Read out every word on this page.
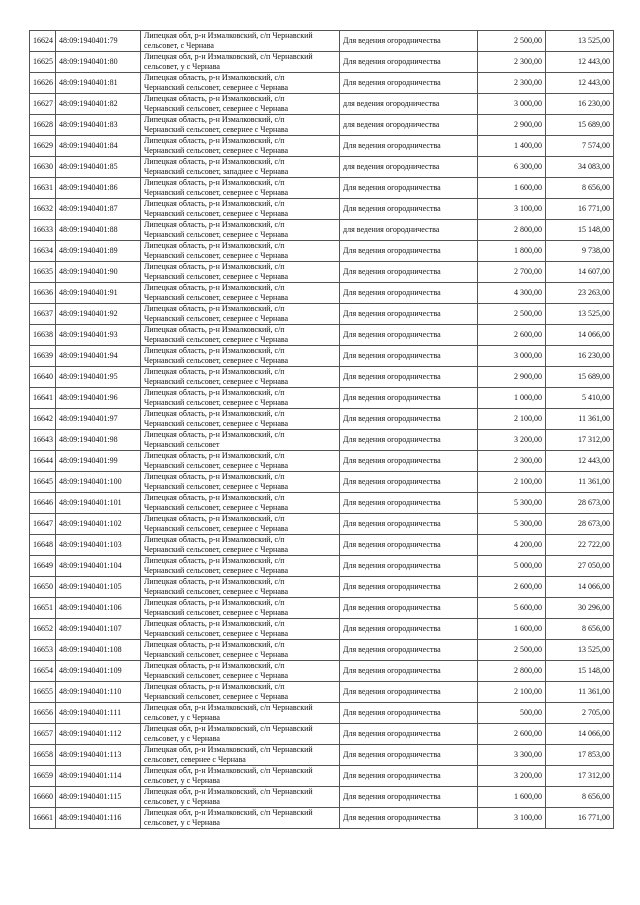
16624	48:09:1940401:79	Липецкая обл, р-н Измалковский, с/п Чернавский
сельсовет, с Чернава	Для ведения огородничества	2 500,00	13 525,00
16625	48:09:1940401:80	Липецкая обл, р-н Измалковский, с/п Чернавский
сельсовет, у с Чернава	Для ведения огородничества	2 300,00	12 443,00
16626	48:09:1940401:81	Липецкая область, р-н Измалковский, с/п
Чернавский сельсовет, севернее с Чернава	Для ведения огородничества	2 300,00	12 443,00
16627	48:09:1940401:82	Липецкая область, р-н Измалковский, с/п
Чернавский сельсовет, севернее с Чернава	для ведения огородничества	3 000,00	16 230,00
16628	48:09:1940401:83	Липецкая область, р-н Измалковский, с/п
Чернавский сельсовет, севернее с Чернава	для ведения огородничества	2 900,00	15 689,00
16629	48:09:1940401:84	Липецкая область, р-н Измалковский, с/п
Чернавский сельсовет, севернее с Чернава	Для ведения огородничества	1 400,00	7 574,00
16630	48:09:1940401:85	Липецкая область, р-н Измалковский, с/п
Чернавский сельсовет, западнее с Чернава	для ведения огородничества	6 300,00	34 083,00
16631	48:09:1940401:86	Липецкая область, р-н Измалковский, с/п
Чернавский сельсовет, севернее с Чернава	Для ведения огородничества	1 600,00	8 656,00
16632	48:09:1940401:87	Липецкая область, р-н Измалковский, с/п
Чернавский сельсовет, севернее с Чернава	Для ведения огородничества	3 100,00	16 771,00
16633	48:09:1940401:88	Липецкая область, р-н Измалковский, с/п
Чернавский сельсовет, севернее с Чернава	для ведения огородничества	2 800,00	15 148,00
16634	48:09:1940401:89	Липецкая область, р-н Измалковский, с/п
Чернавский сельсовет, севернее с Чернава	Для ведения огородничества	1 800,00	9 738,00
16635	48:09:1940401:90	Липецкая область, р-н Измалковский, с/п
Чернавский сельсовет, севернее с Чернава	Для ведения огородничества	2 700,00	14 607,00
16636	48:09:1940401:91	Липецкая область, р-н Измалковский, с/п
Чернавский сельсовет, севернее с Чернава	Для ведения огородничества	4 300,00	23 263,00
16637	48:09:1940401:92	Липецкая область, р-н Измалковский, с/п
Чернавский сельсовет, севернее с Чернава	Для ведения огородничества	2 500,00	13 525,00
16638	48:09:1940401:93	Липецкая область, р-н Измалковский, с/п
Чернавский сельсовет, севернее с Чернава	Для ведения огородничества	2 600,00	14 066,00
16639	48:09:1940401:94	Липецкая область, р-н Измалковский, с/п
Чернавский сельсовет, севернее с Чернава	Для ведения огородничества	3 000,00	16 230,00
16640	48:09:1940401:95	Липецкая область, р-н Измалковский, с/п
Чернавский сельсовет, севернее с Чернава	Для ведения огородничества	2 900,00	15 689,00
16641	48:09:1940401:96	Липецкая область, р-н Измалковский, с/п
Чернавский сельсовет, севернее с Чернава	Для ведения огородничества	1 000,00	5 410,00
16642	48:09:1940401:97	Липецкая область, р-н Измалковский, с/п
Чернавский сельсовет, севернее с Чернава	Для ведения огородничества	2 100,00	11 361,00
16643	48:09:1940401:98	Липецкая область, р-н Измалковский, с/п
Чернавский сельсовет	Для ведения огородничества	3 200,00	17 312,00
16644	48:09:1940401:99	Липецкая область, р-н Измалковский, с/п
Чернавский сельсовет, севернее с Чернава	Для ведения огородничества	2 300,00	12 443,00
16645	48:09:1940401:100	Липецкая область, р-н Измалковский, с/п
Чернавский сельсовет, севернее с Чернава	Для ведения огородничества	2 100,00	11 361,00
16646	48:09:1940401:101	Липецкая область, р-н Измалковский, с/п
Чернавский сельсовет, севернее с Чернава	Для ведения огородничества	5 300,00	28 673,00
16647	48:09:1940401:102	Липецкая область, р-н Измалковский, с/п
Чернавский сельсовет, севернее с Чернава	Для ведения огородничества	5 300,00	28 673,00
16648	48:09:1940401:103	Липецкая область, р-н Измалковский, с/п
Чернавский сельсовет, севернее с Чернава	Для ведения огородничества	4 200,00	22 722,00
16649	48:09:1940401:104	Липецкая область, р-н Измалковский, с/п
Чернавский сельсовет, севернее с Чернава	Для ведения огородничества	5 000,00	27 050,00
16650	48:09:1940401:105	Липецкая область, р-н Измалковский, с/п
Чернавский сельсовет, севернее с Чернава	Для ведения огородничества	2 600,00	14 066,00
16651	48:09:1940401:106	Липецкая область, р-н Измалковский, с/п
Чернавский сельсовет, севернее с Чернава	Для ведения огородничества	5 600,00	30 296,00
16652	48:09:1940401:107	Липецкая область, р-н Измалковский, с/п
Чернавский сельсовет, севернее с Чернава	Для ведения огородничества	1 600,00	8 656,00
16653	48:09:1940401:108	Липецкая область, р-н Измалковский, с/п
Чернавский сельсовет, севернее с Чернава	Для ведения огородничества	2 500,00	13 525,00
16654	48:09:1940401:109	Липецкая область, р-н Измалковский, с/п
Чернавский сельсовет, севернее с Чернава	Для ведения огородничества	2 800,00	15 148,00
16655	48:09:1940401:110	Липецкая область, р-н Измалковский, с/п
Чернавский сельсовет, севернее с Чернава	Для ведения огородничества	2 100,00	11 361,00
16656	48:09:1940401:111	Липецкая обл, р-н Измалковский, с/п Чернавский
сельсовет, у с Чернава	Для ведения огородничества	500,00	2 705,00
16657	48:09:1940401:112	Липецкая обл, р-н Измалковский, с/п Чернавский
сельсовет, у с Чернава	Для ведения огородничества	2 600,00	14 066,00
16658	48:09:1940401:113	Липецкая обл, р-н Измалковский, с/п Чернавский
сельсовет, севернее с Чернава	Для ведения огородничества	3 300,00	17 853,00
16659	48:09:1940401:114	Липецкая обл, р-н Измалковский, с/п Чернавский
сельсовет, у с Чернава	Для ведения огородничества	3 200,00	17 312,00
16660	48:09:1940401:115	Липецкая обл, р-н Измалковский, с/п Чернавский
сельсовет, у с Чернава	Для ведения огородничества	1 600,00	8 656,00
16661	48:09:1940401:116	Липецкая обл, р-н Измалковский, с/п Чернавский
сельсовет, у с Чернава	Для ведения огородничества	3 100,00	16 771,00
